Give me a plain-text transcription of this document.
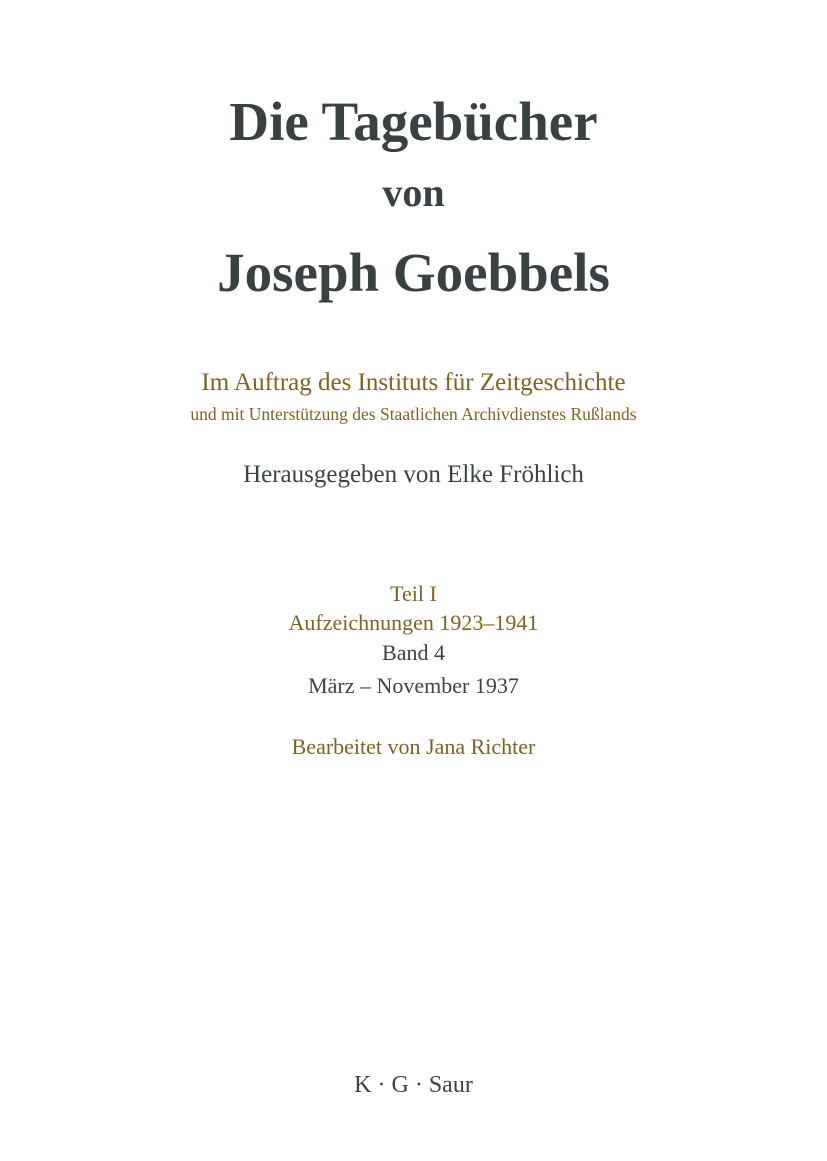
Die Tagebücher
von
Joseph Goebbels
Im Auftrag des Instituts für Zeitgeschichte
und mit Unterstützung des Staatlichen Archivdienstes Rußlands
Herausgegeben von Elke Fröhlich
Teil I
Aufzeichnungen 1923–1941
Band 4
März – November 1937
Bearbeitet von Jana Richter
K · G · Saur
